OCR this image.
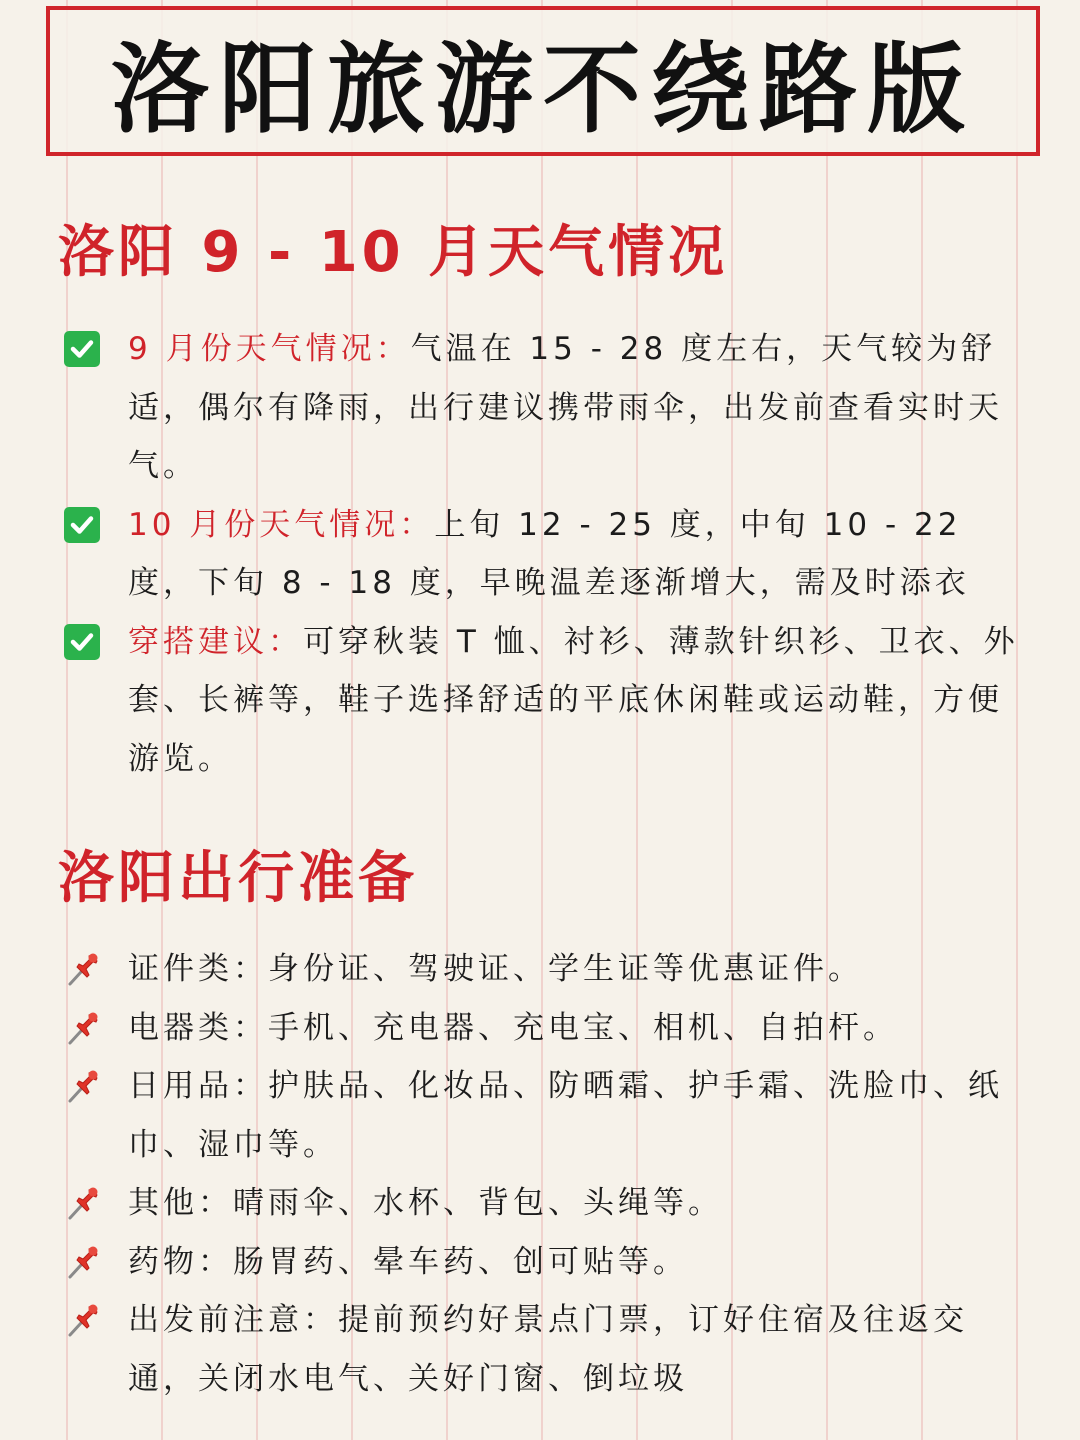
洛阳旅游不绕路版
洛阳 9 - 10 月天气情况
9 月份天气情况：气温在 15 - 28 度左右，天气较为舒适，偶尔有降雨，出行建议携带雨伞，出发前查看实时天气。
10 月份天气情况：上旬 12 - 25 度，中旬 10 - 22 度，下旬 8 - 18 度，早晚温差逐渐增大，需及时添衣
穿搭建议：可穿秋装 T 恤、衬衫、薄款针织衫、卫衣、外套、长裤等，鞋子选择舒适的平底休闲鞋或运动鞋，方便游览。
洛阳出行准备
证件类：身份证、驾驶证、学生证等优惠证件。
电器类：手机、充电器、充电宝、相机、自拍杆。
日用品：护肤品、化妆品、防晒霜、护手霜、洗脸巾、纸巾、湿巾等。
其他：晴雨伞、水杯、背包、头绳等。
药物：肠胃药、晕车药、创可贴等。
出发前注意：提前预约好景点门票，订好住宿及往返交通，关闭水电气、关好门窗、倒垃圾
